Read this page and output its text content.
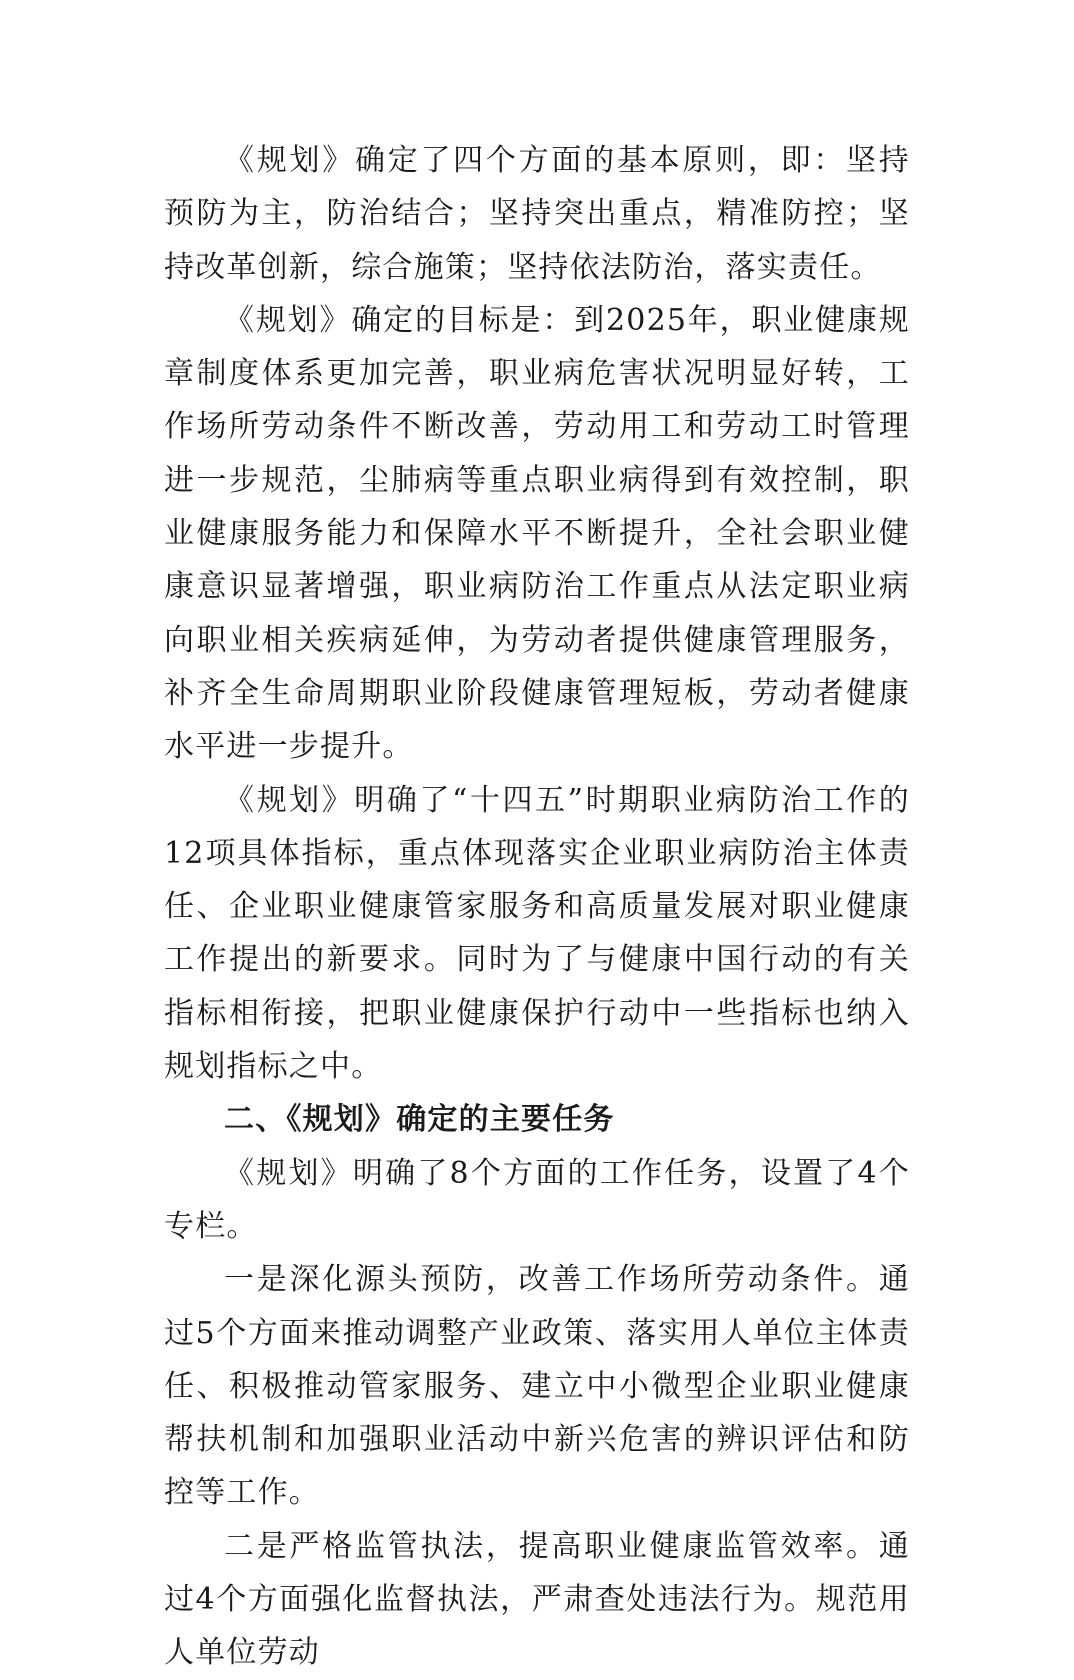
《规划》确定了四个方面的基本原则，即：坚持预防为主，防治结合；坚持突出重点，精准防控；坚持改革创新，综合施策；坚持依法防治，落实责任。

《规划》确定的目标是：到2025年，职业健康规章制度体系更加完善，职业病危害状况明显好转，工作场所劳动条件不断改善，劳动用工和劳动工时管理进一步规范，尘肺病等重点职业病得到有效控制，职业健康服务能力和保障水平不断提升，全社会职业健康意识显著增强，职业病防治工作重点从法定职业病向职业相关疾病延伸，为劳动者提供健康管理服务，补齐全生命周期职业阶段健康管理短板，劳动者健康水平进一步提升。

《规划》明确了“十四五”时期职业病防治工作的12项具体指标，重点体现落实企业职业病防治主体责任、企业职业健康管家服务和高质量发展对职业健康工作提出的新要求。同时为了与健康中国行动的有关指标相衔接，把职业健康保护行动中一些指标也纳入规划指标之中。

二、《规划》确定的主要任务

《规划》明确了8个方面的工作任务，设置了4个专栏。

一是深化源头预防，改善工作场所劳动条件。通过5个方面来推动调整产业政策、落实用人单位主体责任、积极推动管家服务、建立中小微型企业职业健康帮扶机制和加强职业活动中新兴危害的辨识评估和防控等工作。

二是严格监管执法，提高职业健康监管效率。通过4个方面强化监督执法，严肃查处违法行为。规范用人单位劳动
